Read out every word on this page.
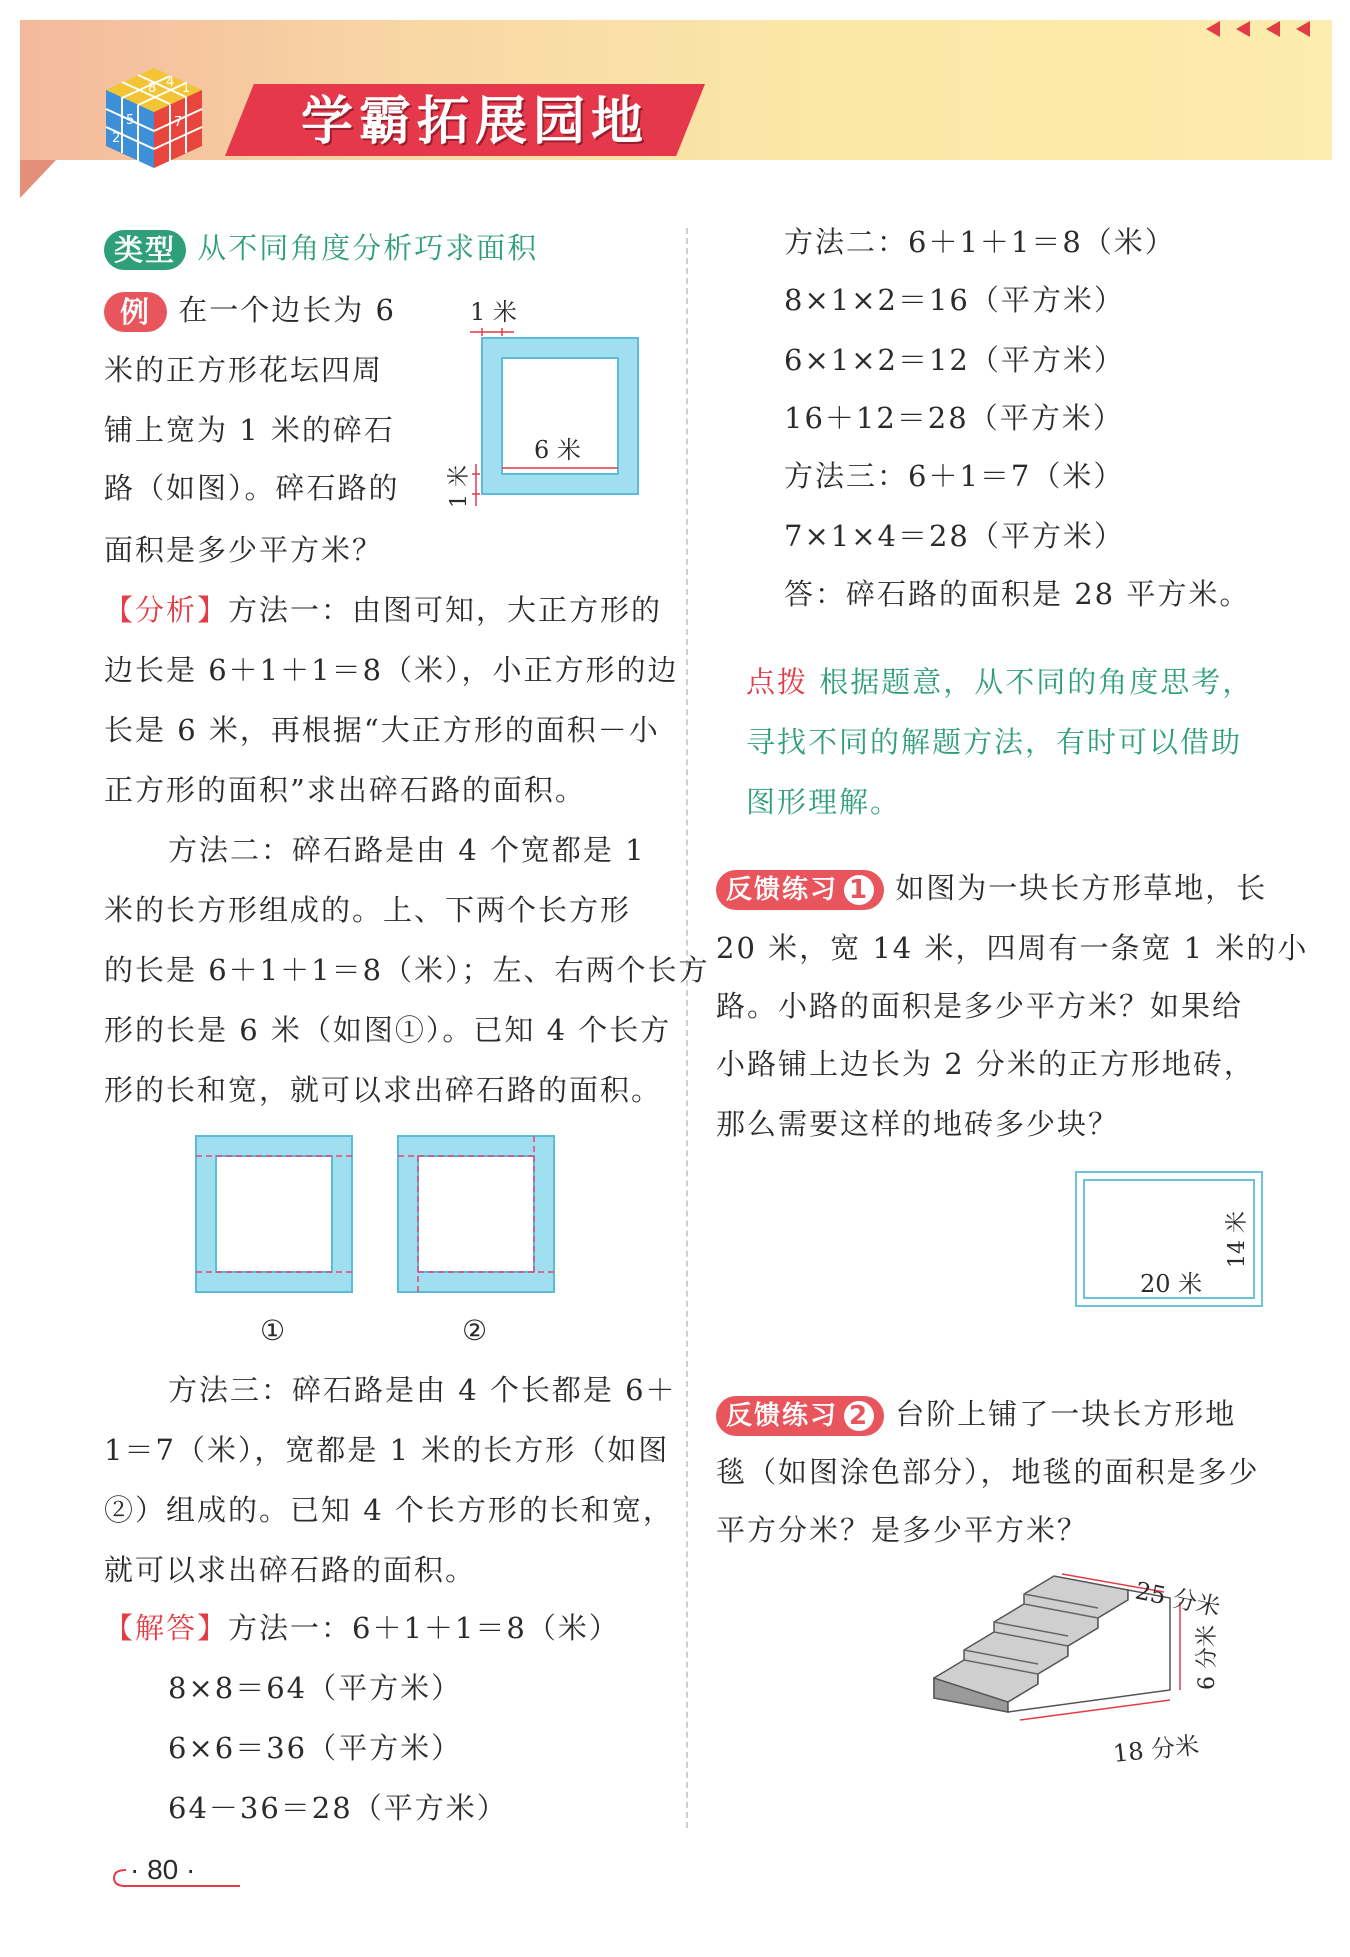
8 4 1
5
2
7	学霸拓展园地
类型 从不同角度分析巧求面积
例 在一个边长为 6
米的正方形花坛四周
铺上宽为 1 米的碎石
路（如图）。碎石路的
面积是多少平方米？
1 米
6 米
1 米
【分析】方法一：由图可知，大正方形的
边长是 6＋1＋1＝8（米），小正方形的边
长是 6 米，再根据“大正方形的面积－小
正方形的面积”求出碎石路的面积。
方法二：碎石路是由 4 个宽都是 1
米的长方形组成的。上、下两个长方形
的长是 6＋1＋1＝8（米）；左、右两个长方
形的长是 6 米（如图①）。已知 4 个长方
形的长和宽，就可以求出碎石路的面积。
①	②
方法三：碎石路是由 4 个长都是 6＋
1＝7（米），宽都是 1 米的长方形（如图
②）组成的。已知 4 个长方形的长和宽，
就可以求出碎石路的面积。
【解答】方法一：6＋1＋1＝8（米）
8×8＝64（平方米）
6×6＝36（平方米）
64－36＝28（平方米）
方法二：6＋1＋1＝8（米）
8×1×2＝16（平方米）
6×1×2＝12（平方米）
16＋12＝28（平方米）
方法三：6＋1＝7（米）
7×1×4＝28（平方米）
答：碎石路的面积是 28 平方米。
点拨 根据题意，从不同的角度思考，
寻找不同的解题方法，有时可以借助
图形理解。
反馈练习 1 如图为一块长方形草地，长
20 米，宽 14 米，四周有一条宽 1 米的小
路。小路的面积是多少平方米？如果给
小路铺上边长为 2 分米的正方形地砖，
那么需要这样的地砖多少块？
20 米
14 米
反馈练习 2 台阶上铺了一块长方形地
毯（如图涂色部分），地毯的面积是多少
平方分米？是多少平方米？
25 分米
6 分米
18 分米
· 80 ·
